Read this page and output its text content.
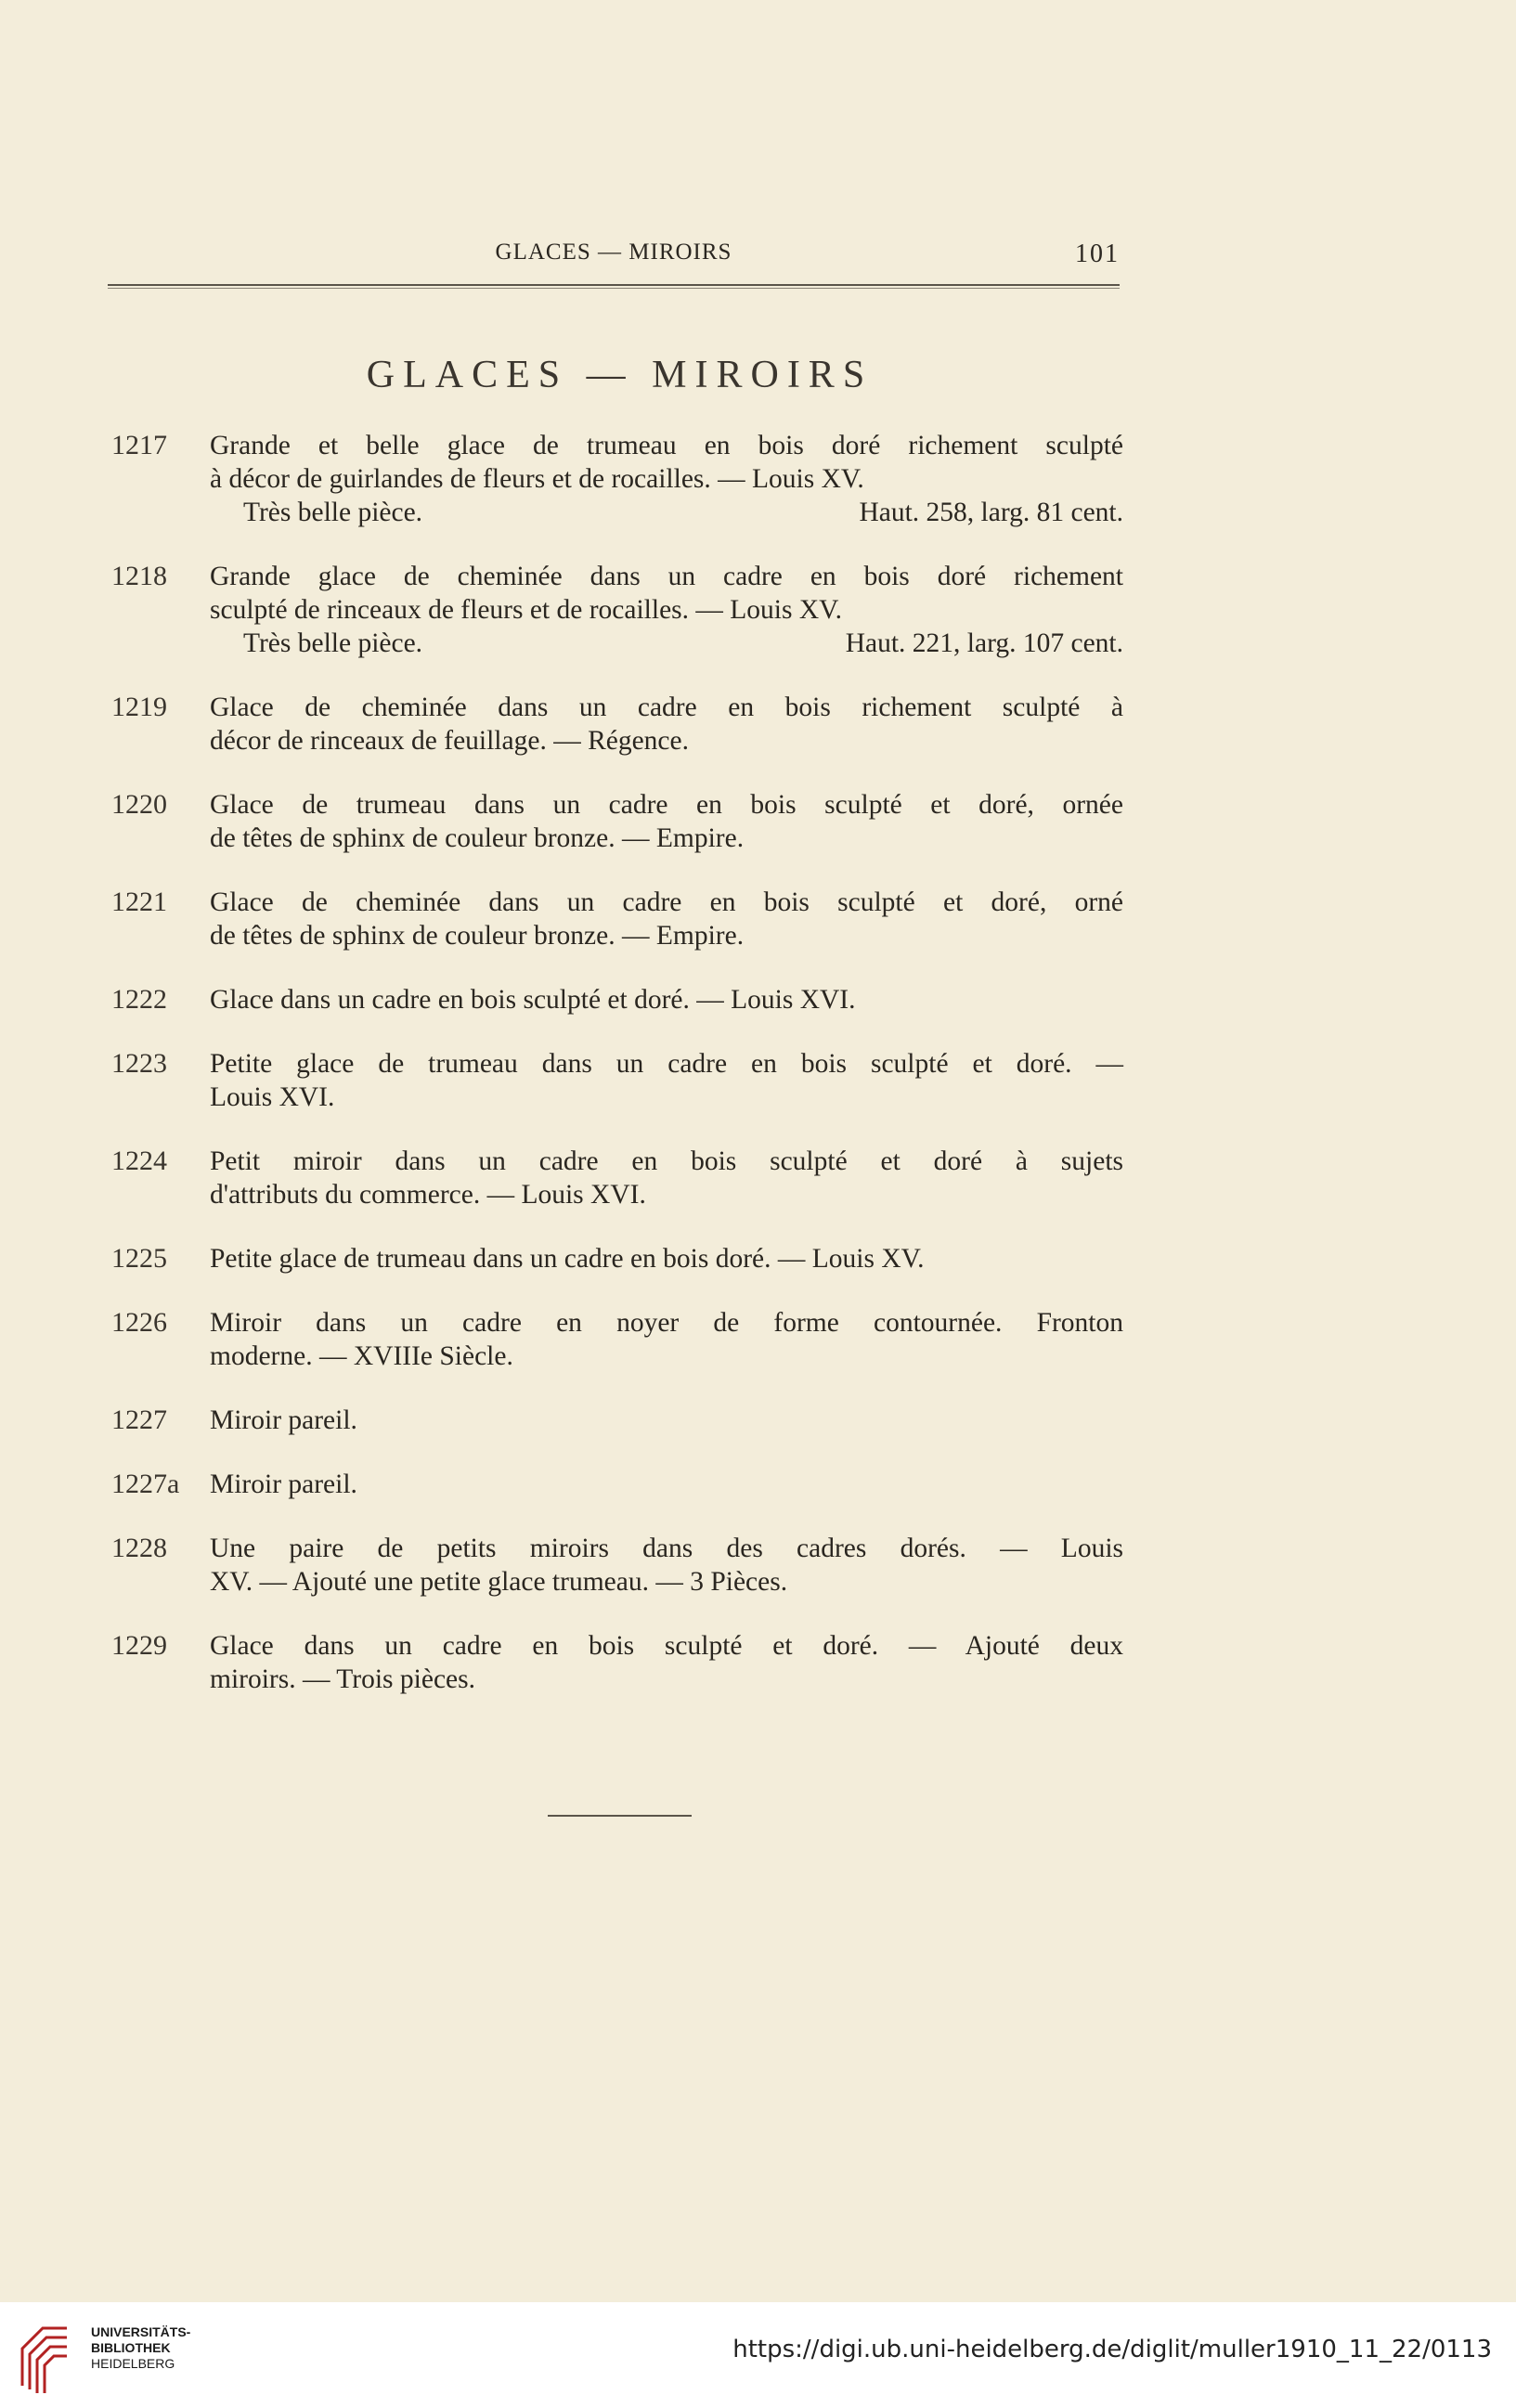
GLACES — MIROIRS	101
GLACES — MIROIRS
1217	Grande et belle glace de trumeau en bois doré richement sculpté

à décor de guirlandes de fleurs et de rocailles. — Louis XV.

Très belle pièce.	Haut. 258, larg. 81 cent.
1218	Grande glace de cheminée dans un cadre en bois doré richement

sculpté de rinceaux de fleurs et de rocailles. — Louis XV.

Très belle pièce.	Haut. 221, larg. 107 cent.
1219	Glace de cheminée dans un cadre en bois richement sculpté à

décor de rinceaux de feuillage. — Régence.

1220	Glace de trumeau dans un cadre en bois sculpté et doré, ornée

de têtes de sphinx de couleur bronze. — Empire.

1221	Glace de cheminée dans un cadre en bois sculpté et doré, orné

de têtes de sphinx de couleur bronze. — Empire.

1222	Glace dans un cadre en bois sculpté et doré. — Louis XVI.

1223	Petite glace de trumeau dans un cadre en bois sculpté et doré. —

Louis XVI.

1224	Petit miroir dans un cadre en bois sculpté et doré à sujets

d'attributs du commerce. — Louis XVI.

1225	Petite glace de trumeau dans un cadre en bois doré. — Louis XV.

1226	Miroir dans un cadre en noyer de forme contournée. Fronton

moderne. — XVIIIe Siècle.

1227	Miroir pareil.

1227a	Miroir pareil.

1228	Une paire de petits miroirs dans des cadres dorés. — Louis

XV. — Ajouté une petite glace trumeau. — 3 Pièces.

1229	Glace dans un cadre en bois sculpté et doré. — Ajouté deux

miroirs. — Trois pièces.

UNIVERSITÄTS-
BIBLIOTHEK
HEIDELBERG	https://digi.ub.uni-heidelberg.de/diglit/muller1910_11_22/0113
